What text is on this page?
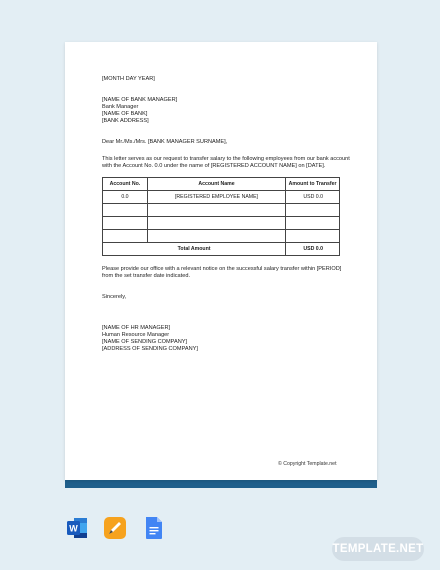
[MONTH DAY YEAR]
[NAME OF BANK MANAGER]
Bank Manager
[NAME OF BANK]
[BANK ADDRESS]
Dear Mr./Ms./Mrs. [BANK MANAGER SURNAME],
This letter serves as our request to transfer salary to the following employees from our bank account
with the Account No. 0.0 under the name of [REGISTERED ACCOUNT NAME] on [DATE].
Account No.	Account Name	Amount to Transfer
0.0	[REGISTERED EMPLOYEE NAME]	USD 0.0

Total Amount		USD 0.0
Please provide our office with a relevant notice on the successful salary transfer within [PERIOD]
from the set transfer date indicated.
Sincerely,
[NAME OF HR MANAGER]
Human Resource Manager
[NAME OF SENDING COMPANY]
[ADDRESS OF SENDING COMPANY]
© Copyright Template.net
W
TEMPLATE.NET
